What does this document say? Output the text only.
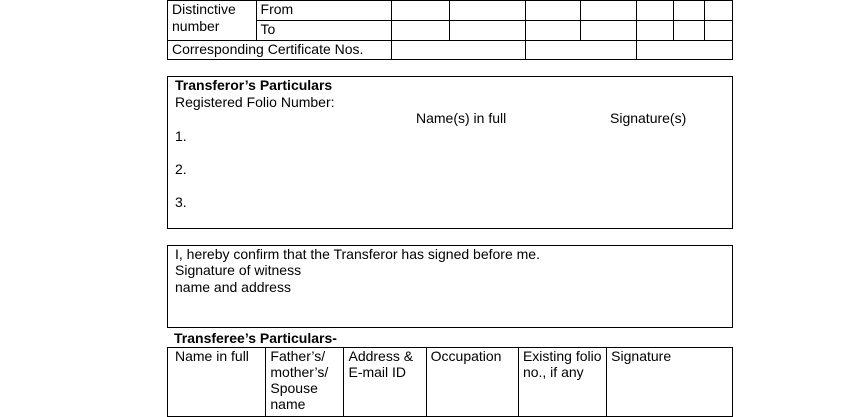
Distinctive number	From							
	To							
Corresponding Certificate Nos.								
Transferor’s Particulars
Registered Folio Number:
Name(s) in full	Signature(s)
1.
2.
3.
I, hereby confirm that the Transferor has signed before me.
Signature of witness
name and address
Transferee’s Particulars-
Name in full	Father’s/ mother’s/ Spouse name	Address & E-mail ID	Occupation	Existing folio no., if any	Signature
